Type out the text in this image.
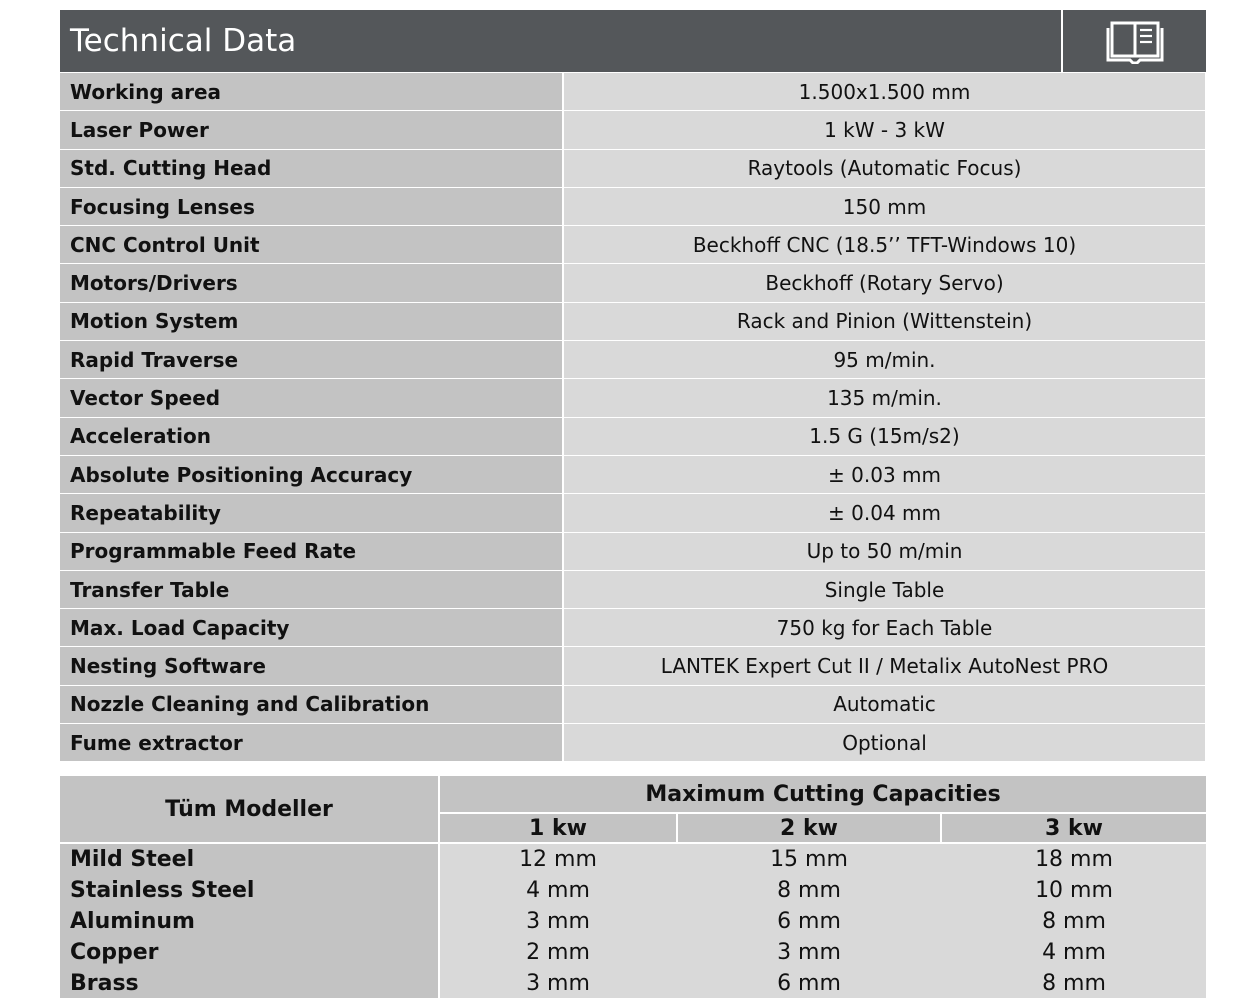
Technical Data
Working area	1.500x1.500 mm
Laser Power	1 kW - 3 kW
Std. Cutting Head	Raytools (Automatic Focus)
Focusing Lenses	150 mm
CNC Control Unit	Beckhoff CNC (18.5’’ TFT-Windows 10)
Motors/Drivers	Beckhoff (Rotary Servo)
Motion System	Rack and Pinion (Wittenstein)
Rapid Traverse	95 m/min.
Vector Speed	135 m/min.
Acceleration	1.5 G (15m/s2)
Absolute Positioning Accuracy	± 0.03 mm
Repeatability	± 0.04 mm
Programmable Feed Rate	Up to 50 m/min
Transfer Table	Single Table
Max. Load Capacity	750 kg for Each Table
Nesting Software	LANTEK Expert Cut II / Metalix AutoNest PRO
Nozzle Cleaning and Calibration	Automatic
Fume extractor	Optional
Tüm Modeller
Maximum Cutting Capacities
1 kw	2 kw	3 kw
Mild Steel	12 mm	15 mm	18 mm
Stainless Steel	4 mm	8 mm	10 mm
Aluminum	3 mm	6 mm	8 mm
Copper	2 mm	3 mm	4 mm
Brass	3 mm	6 mm	8 mm
